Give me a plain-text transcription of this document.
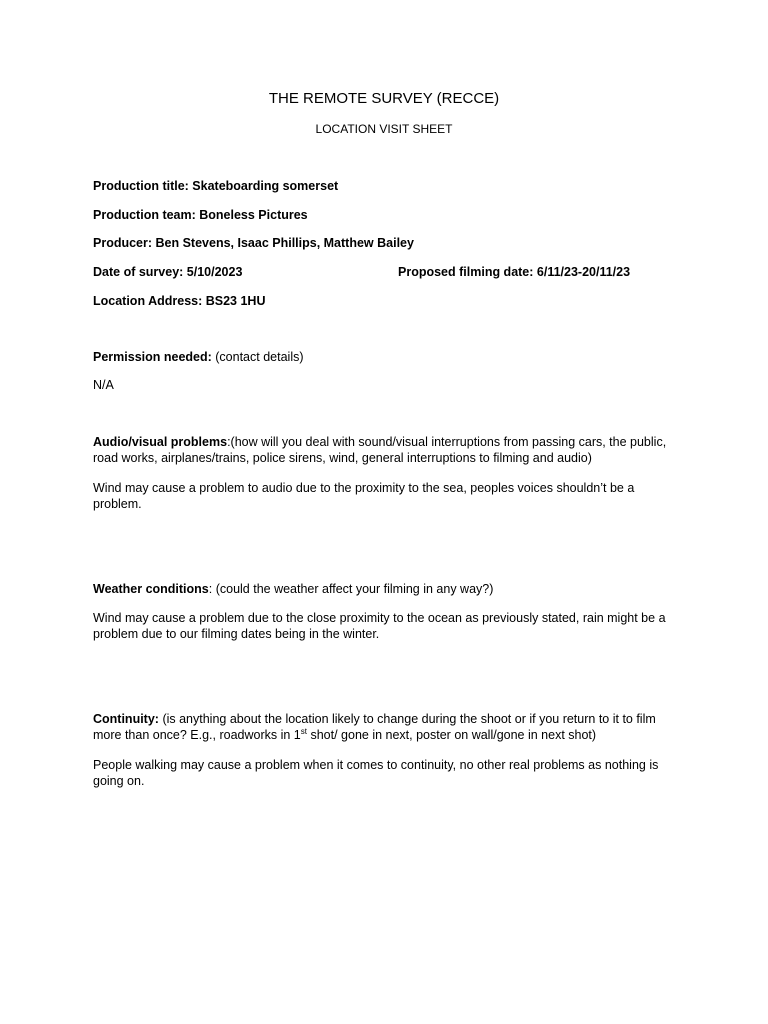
THE REMOTE SURVEY (RECCE)
LOCATION VISIT SHEET
Production title: Skateboarding somerset
Production team: Boneless Pictures
Producer: Ben Stevens, Isaac Phillips, Matthew Bailey
Date of survey: 5/10/2023	Proposed filming date: 6/11/23-20/11/23
Location Address: BS23 1HU
Permission needed: (contact details)
N/A
Audio/visual problems:(how will you deal with sound/visual interruptions from passing cars, the public, road works, airplanes/trains, police sirens, wind, general interruptions to filming and audio)
Wind may cause a problem to audio due to the proximity to the sea, peoples voices shouldn’t be a problem.
Weather conditions: (could the weather affect your filming in any way?)
Wind may cause a problem due to the close proximity to the ocean as previously stated, rain might be a problem due to our filming dates being in the winter.
Continuity: (is anything about the location likely to change during the shoot or if you return to it to film more than once? E.g., roadworks in 1st shot/ gone in next, poster on wall/gone in next shot)
People walking may cause a problem when it comes to continuity, no other real problems as nothing is going on.
